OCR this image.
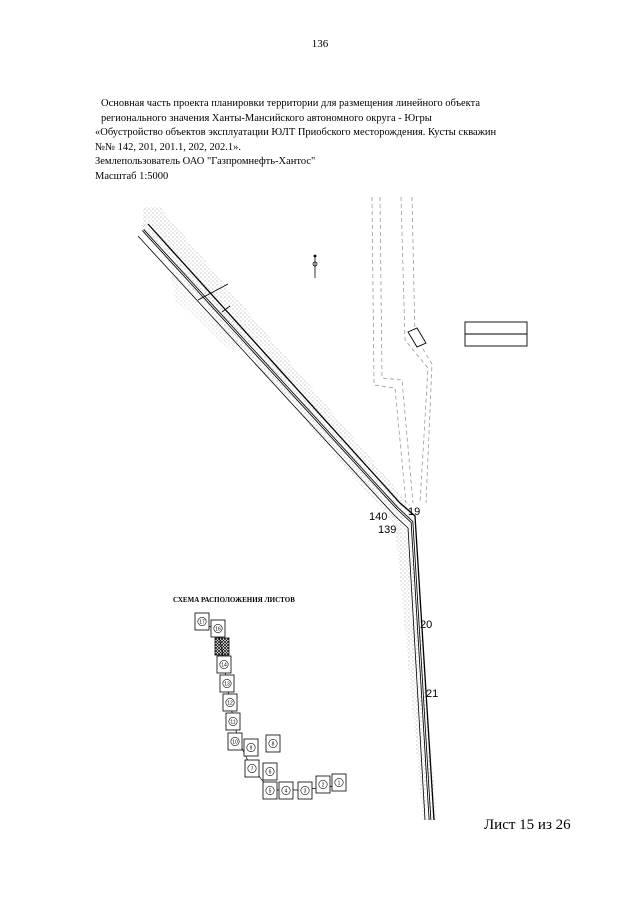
136
Основная часть проекта планировки территории для размещения линейного объекта
регионального значения Ханты-Мансийского автономного округа - Югры
«Обустройство объектов эксплуатации ЮЛТ Приобского месторождения. Кусты скважин
№№ 142, 201, 201.1, 202, 202.1».
Землепользователь ОАО "Газпромнефть-Хантос"
Масштаб 1:5000
140
139
19
20
21
СХЕМА РАСПОЛОЖЕНИЯ ЛИСТОВ
17
16
14
13
12
11
10
9
8
7	6
5	4	3
2	1
Лист 15 из 26
